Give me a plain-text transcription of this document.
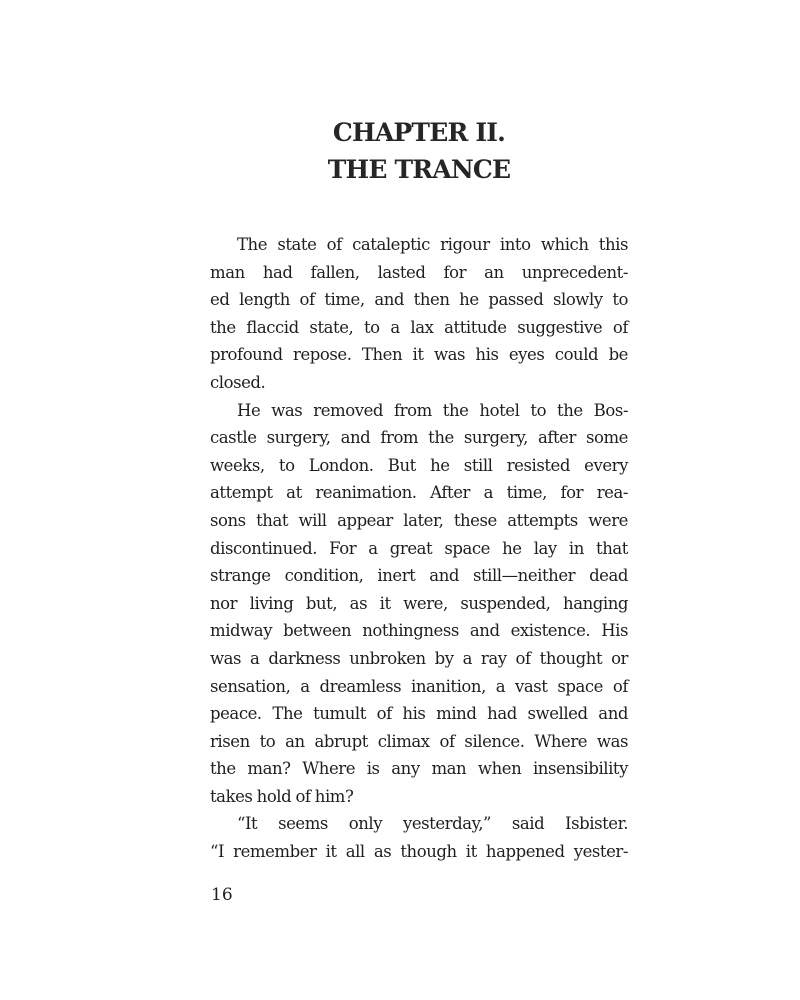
CHAPTER II.
THE TRANCE
The state of cataleptic rigour into which this
man had fallen, lasted for an unprecedent-
ed length of time, and then he passed slowly to
the flaccid state, to a lax attitude suggestive of
profound repose. Then it was his eyes could be
closed.
He was removed from the hotel to the Bos-
castle surgery, and from the surgery, after some
weeks, to London. But he still resisted every
attempt at reanimation. After a time, for rea-
sons that will appear later, these attempts were
discontinued. For a great space he lay in that
strange condition, inert and still—neither dead
nor living but, as it were, suspended, hanging
midway between nothingness and existence. His
was a darkness unbroken by a ray of thought or
sensation, a dreamless inanition, a vast space of
peace. The tumult of his mind had swelled and
risen to an abrupt climax of silence. Where was
the man? Where is any man when insensibility
takes hold of him?
“It seems only yesterday,” said Isbister.
“I remember it all as though it happened yester-
16
